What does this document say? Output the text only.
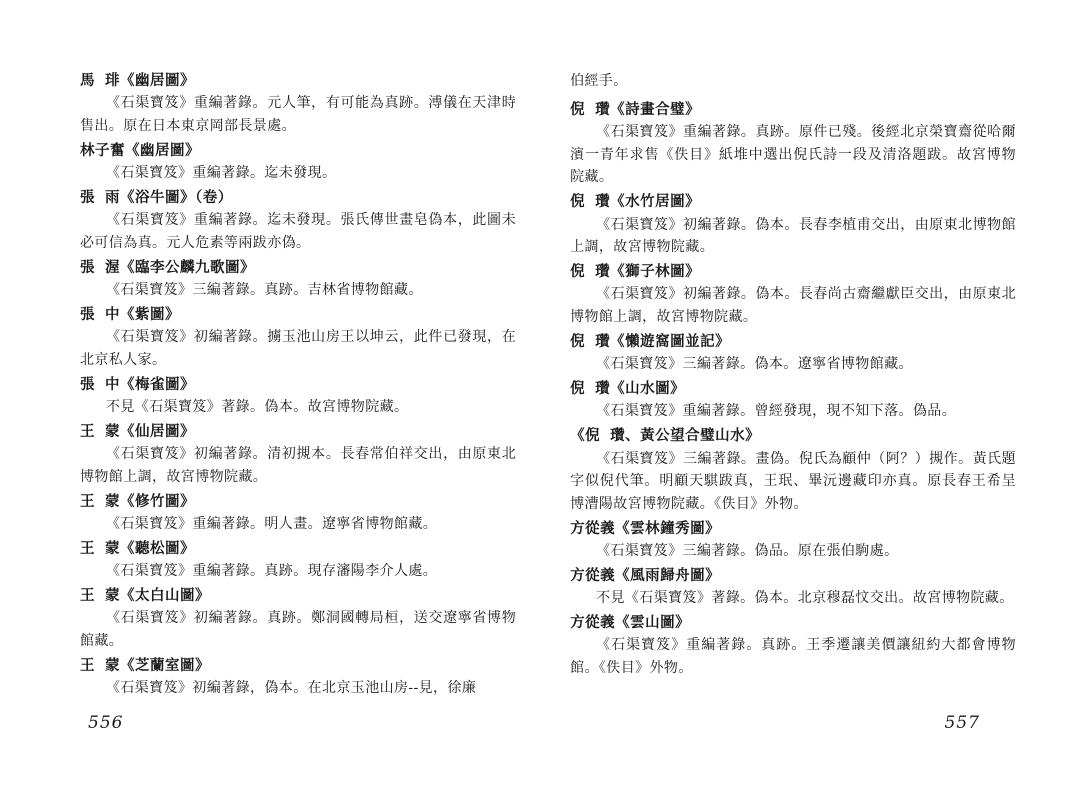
馬 琲《幽居圖》
《石渠寶笈》重編著錄。元人筆，有可能為真跡。溥儀在天津時售出。原在日本東京岡部長景處。
林子奮《幽居圖》
《石渠寶笈》重編著錄。迄未發現。
張 雨《浴牛圖》（卷）
《石渠寶笈》重編著錄。迄未發現。張氏傳世畫皂偽本，此圖未必可信為真。元人危素等兩跋亦偽。
張 渥《臨李公麟九歌圖》
《石渠寶笈》三編著錄。真跡。吉林省博物館藏。
張 中《紫圖》
《石渠寶笈》初編著錄。擄玉池山房王以坤云，此件已發現，在北京私人家。
張 中《梅雀圖》
不見《石渠寶笈》著錄。偽本。故宮博物院藏。
王 蒙《仙居圖》
《石渠寶笈》初編著錄。清初摫本。長春常伯祥交出，由原東北博物館上調，故宮博物院藏。
王 蒙《修竹圖》
《石渠寶笈》重編著錄。明人畫。遼寧省博物館藏。
王 蒙《聽松圖》
《石渠寶笈》重編著錄。真跡。現存瀋陽李介人處。
王 蒙《太白山圖》
《石渠寶笈》初編著錄。真跡。鄭洞國轉局桓，送交遼寧省博物館藏。
王 蒙《芝蘭室圖》
《石渠寶笈》初編著錄，偽本。在北京玉池山房--見，徐廉
556
伯經手。
倪 瓚《詩畫合璧》
《石渠寶笈》重編著錄。真跡。原件已殘。後經北京榮寶齋從哈爾濱一青年求售《佚目》紙堆中選出倪氏詩一段及清洛題跋。故宮博物院藏。
倪 瓚《水竹居圖》
《石渠寶笈》初編著錄。偽本。長春李植甫交出，由原東北博物館上調，故宮博物院藏。
倪 瓚《獅子林圖》
《石渠寶笈》初編著錄。偽本。長春尚古齋繼獻臣交出，由原東北博物館上調，故宮博物院藏。
倪 瓚《懶遊窩圖並記》
《石渠寶笈》三編著錄。偽本。遼寧省博物館藏。
倪 瓚《山水圖》
《石渠寶笈》重編著錄。曾經發現，現不知下落。偽品。
《倪 瓚、黃公望合璧山水》
《石渠寶笈》三編著錄。畫偽。倪氏為顧仲（阿？）摫作。黃氏題字似倪代筆。明顧天騏跋真，王珉、畢沅邊藏印亦真。原長春王希呈博漕陽故宮博物院藏。《佚目》外物。
方從義《雲林鐘秀圖》
《石渠寶笈》三編著錄。偽品。原在張伯駒處。
方從義《風雨歸舟圖》
不見《石渠寶笈》著錄。偽本。北京穆磊忟交出。故宮博物院藏。
方從義《雲山圖》
《石渠寶笈》重編著錄。真跡。王季遷讓美價讓紐約大都會博物館。《佚目》外物。
557
